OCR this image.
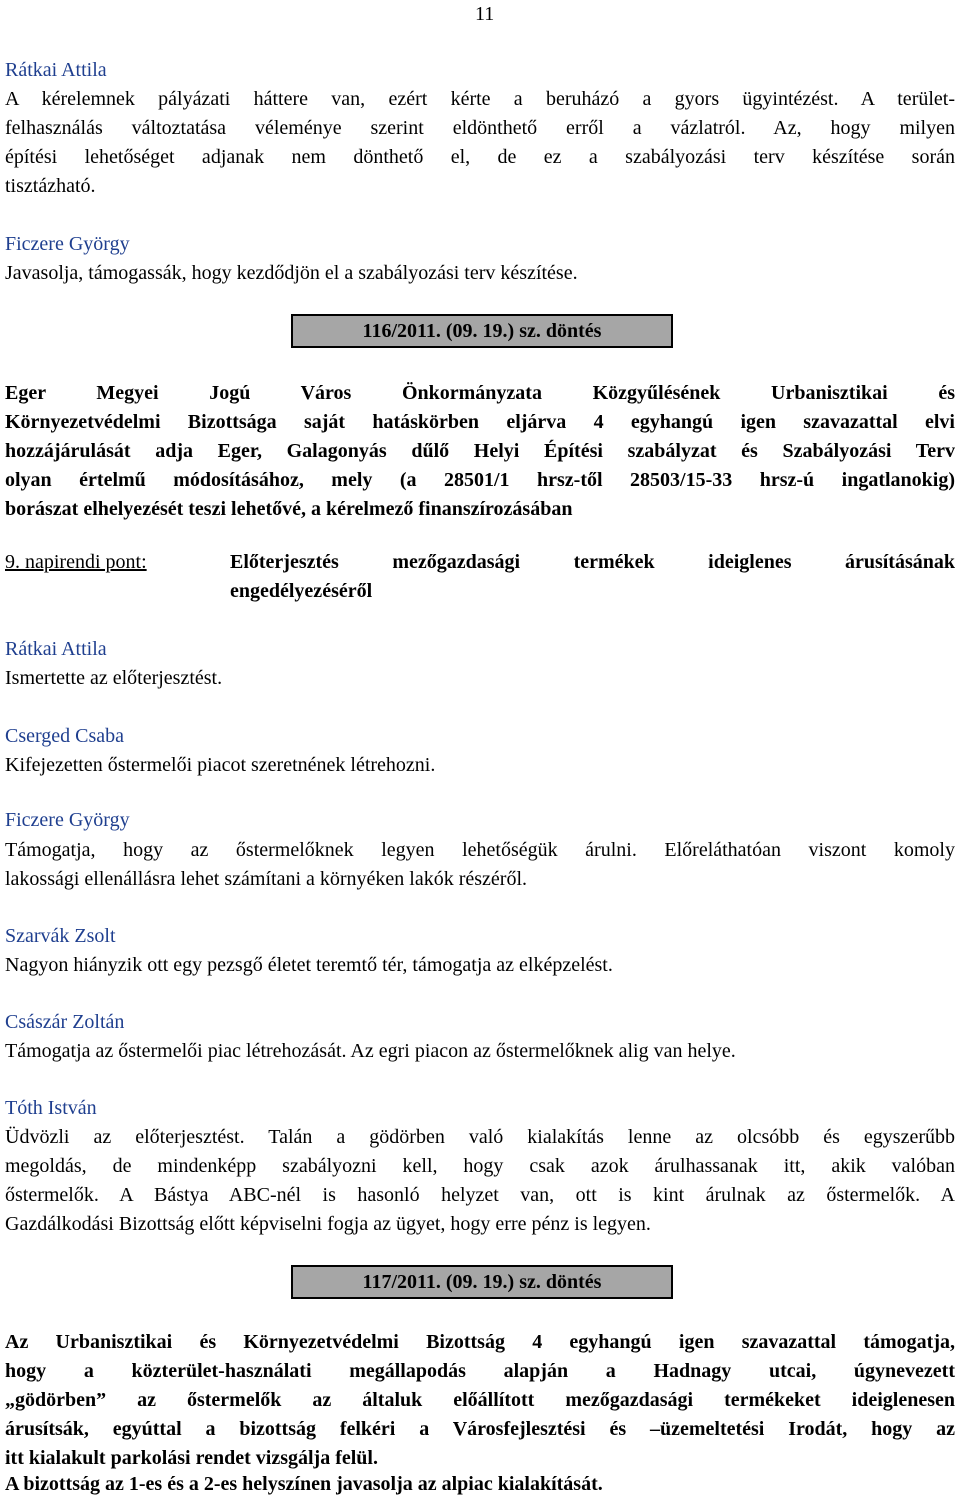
11
Rátkai Attila
A kérelemnek pályázati háttere van, ezért kérte a beruházó a gyors ügyintézést. A terület-
felhasználás változtatása véleménye szerint eldönthető erről a vázlatról. Az, hogy milyen
építési lehetőséget adjanak nem dönthető el, de ez a szabályozási terv készítése során
tisztázható.
Ficzere György
Javasolja, támogassák, hogy kezdődjön el a szabályozási terv készítése.
116/2011. (09. 19.) sz. döntés
Eger Megyei Jogú Város Önkormányzata Közgyűlésének Urbanisztikai és
Környezetvédelmi Bizottsága saját hatáskörben eljárva 4 egyhangú igen szavazattal elvi
hozzájárulását adja Eger, Galagonyás dűlő Helyi Építési szabályzat és Szabályozási Terv
olyan értelmű módosításához, mely (a 28501/1 hrsz-től 28503/15-33 hrsz-ú ingatlanokig)
borászat elhelyezését teszi lehetővé, a kérelmező finanszírozásában
9. napirendi pont:	Előterjesztés mezőgazdasági termékek ideiglenes árusításának
engedélyezéséről
Rátkai Attila
Ismertette az előterjesztést.
Cserged Csaba
Kifejezetten őstermelői piacot szeretnének létrehozni.
Ficzere György
Támogatja, hogy az őstermelőknek legyen lehetőségük árulni. Előreláthatóan viszont komoly
lakossági ellenállásra lehet számítani a környéken lakók részéről.
Szarvák Zsolt
Nagyon hiányzik ott egy pezsgő életet teremtő tér, támogatja az elképzelést.
Császár Zoltán
Támogatja az őstermelői piac létrehozását. Az egri piacon az őstermelőknek alig van helye.
Tóth István
Üdvözli az előterjesztést. Talán a gödörben való kialakítás lenne az olcsóbb és egyszerűbb
megoldás, de mindenképp szabályozni kell, hogy csak azok árulhassanak itt, akik valóban
őstermelők. A Bástya ABC-nél is hasonló helyzet van, ott is kint árulnak az őstermelők. A
Gazdálkodási Bizottság előtt képviselni fogja az ügyet, hogy erre pénz is legyen.
117/2011. (09. 19.) sz. döntés
Az Urbanisztikai és Környezetvédelmi Bizottság 4 egyhangú igen szavazattal támogatja,
hogy a közterület-használati megállapodás alapján a Hadnagy utcai, úgynevezett
„gödörben” az őstermelők az általuk előállított mezőgazdasági termékeket ideiglenesen
árusítsák, egyúttal a bizottság felkéri a Városfejlesztési és –üzemeltetési Irodát, hogy az
itt kialakult parkolási rendet vizsgálja felül.
A bizottság az 1-es és a 2-es helyszínen javasolja az alpiac kialakítását.
